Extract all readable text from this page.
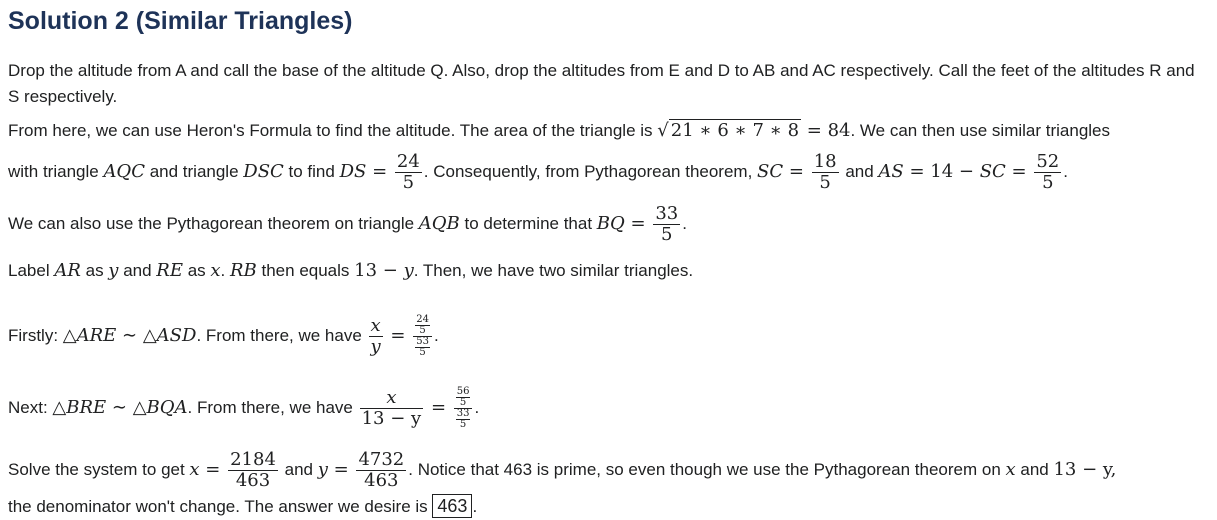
Solution 2 (Similar Triangles)

Drop the altitude from A and call the base of the altitude Q. Also, drop the altitudes from E and D to AB and AC respectively. Call the feet of the altitudes R and S respectively.

From here, we can use Heron's Formula to find the altitude. The area of the triangle is √ 21 ∗ 6 ∗ 7 ∗ 8 = 84. We can then use similar triangles

with triangle AQC and triangle DSC to find DS = $\frac{24}{5}$ . Consequently, from Pythagorean theorem, SC = $\frac{18}{5}$ and AS = 14 − SC = $\frac{52}{5}$ .

We can also use the Pythagorean theorem on triangle AQB to determine that BQ = $\frac{33}{5}$ .

Label AR as y and RE as x. RB then equals 13 − y. Then, we have two similar triangles.

Firstly: △ARE ∼ △ASD. From there, we have $\frac{x}{y} = \frac{\frac{24}{5}}{\frac{53}{5}}$ .

Next: △BRE ∼ △BQA. From there, we have $\frac{x}{13 - y} = \frac{\frac{56}{5}}{\frac{33}{5}}$ .

Solve the system to get $x = \frac{2184}{463}$ and $y = \frac{4732}{463}$ . Notice that 463 is prime, so even though we use the Pythagorean theorem on x and 13 − y,

the denominator won't change. The answer we desire is 463 .
